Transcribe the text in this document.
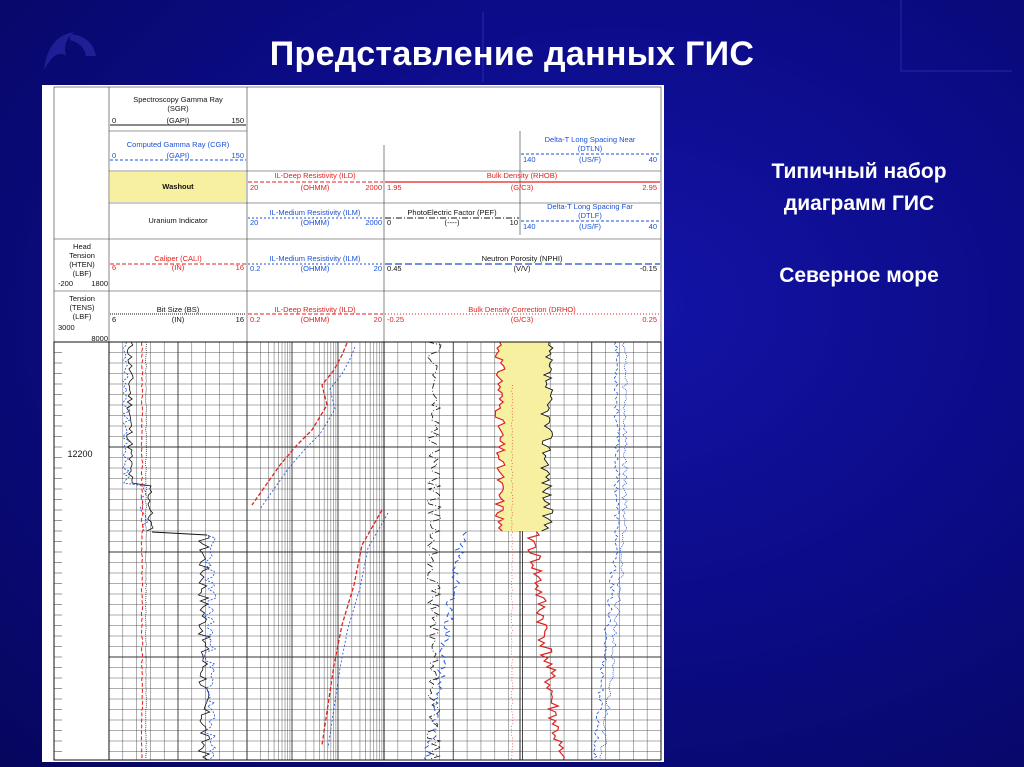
Представление данных ГИС
Типичный набор
диаграмм ГИС
Северное море
Spectroscopy Gamma Ray
(SGR)
0	(GAPI)	150
Computed Gamma Ray (CGR)
0	(GAPI)	150
Washout
Uranium Indicator
Head
Tension
(HTEN)
(LBF)
-200 1800
Tension
(TENS)
(LBF)
3000
8000
Caliper (CALI)
6	(IN)	16
Bit Size (BS)
6	(IN)	16
IL-Deep Resistivity (ILD)
20	(OHMM)	2000
IL-Medium Resistivity (ILM)
20	(OHMM)	2000
IL-Medium Resistivity (ILM)
0.2	(OHMM)	20
IL-Deep Resistivity (ILD)
0.2	(OHMM)	20
Delta-T Long Spacing Near
(DTLN)
140	(US/F)	40
Bulk Density (RHOB)
1.95	(G/C3)	2.95
PhotoElectric Factor (PEF)
0	(----)	10
Delta-T Long Spacing Far
(DTLF)
140	(US/F)	40
Neutron Porosity (NPHI)
0.45	(V/V)	-0.15
Bulk Density Correction (DRHO)
-0.25	(G/C3)	0.25
12200
